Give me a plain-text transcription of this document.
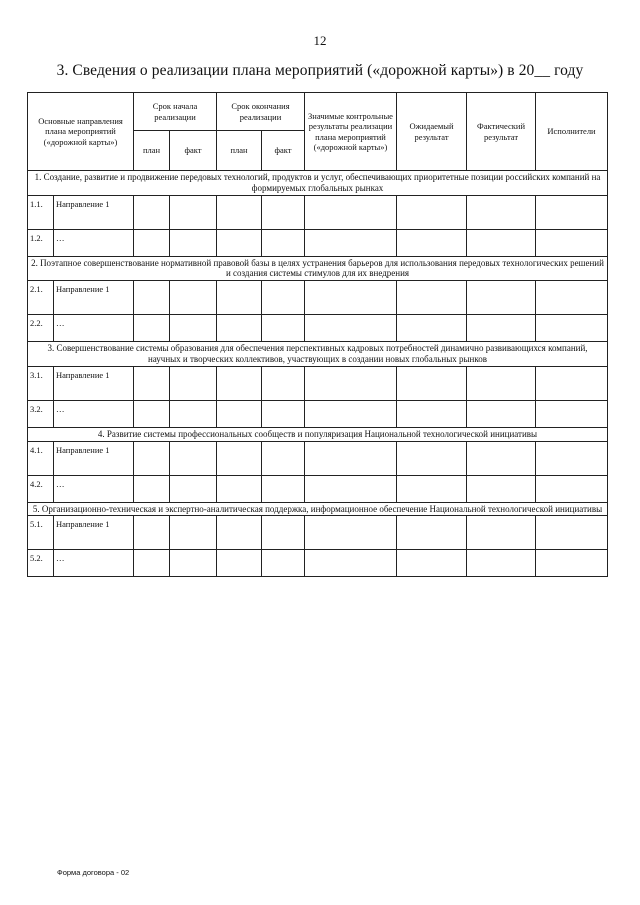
12
3. Сведения о реализации плана мероприятий («дорожной карты») в 20__ году
Основные направления плана мероприятий («дорожной карты»)		Срок начала реализации		Срок окончания реализации		Значимые контрольные результаты реализации плана мероприятий («дорожной карты»)	Ожидаемый результат	Фактический результат	Исполнители
		план	факт	план	факт				
1. Создание, развитие и продвижение передовых технологий, продуктов и услуг, обеспечивающих приоритетные позиции российских компаний на формируемых глобальных рынках									
1.1.	Направление 1								
1.2.	…								
2. Поэтапное совершенствование нормативной правовой базы в целях устранения барьеров для использования передовых технологических решений и создания системы стимулов для их внедрения									
2.1.	Направление 1								
2.2.	…								
3. Совершенствование системы образования для обеспечения перспективных кадровых потребностей динамично развивающихся компаний, научных и творческих коллективов, участвующих в создании новых глобальных рынков									
3.1.	Направление 1								
3.2.	…								
4. Развитие системы профессиональных сообществ и популяризация Национальной технологической инициативы									
4.1.	Направление 1								
4.2.	…								
5. Организационно-техническая и экспертно-аналитическая поддержка, информационное обеспечение Национальной технологической инициативы									
5.1.	Направление 1								
5.2.	…								
Форма договора - 02
